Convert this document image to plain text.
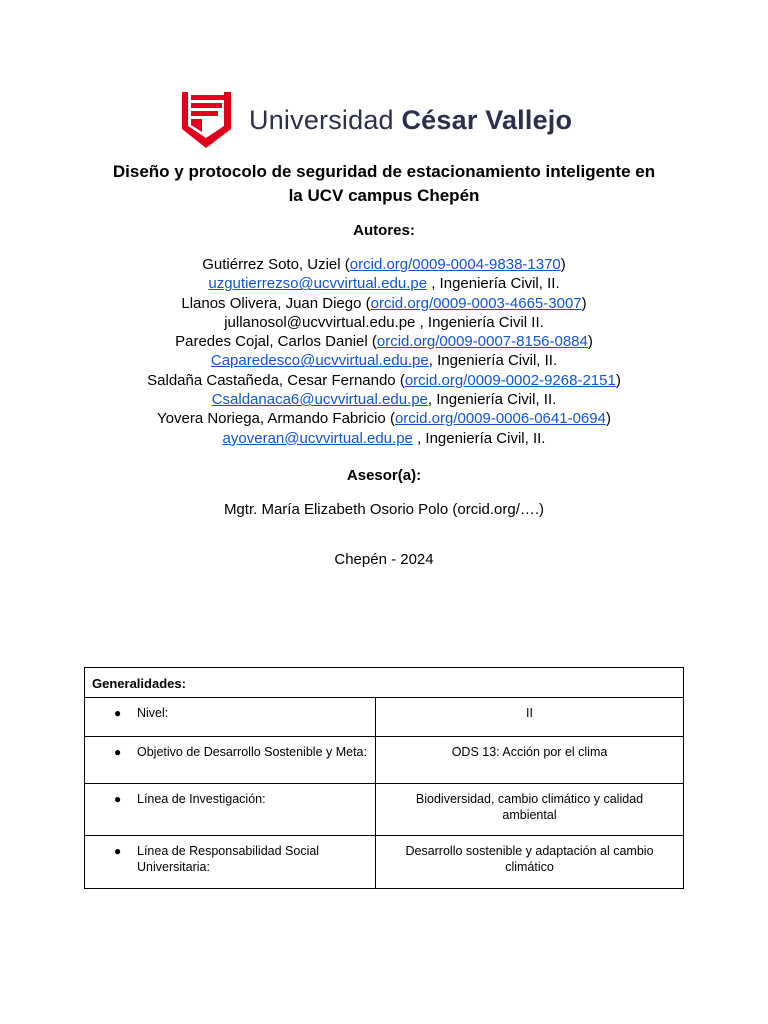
Universidad César Vallejo
Diseño y protocolo de seguridad de estacionamiento inteligente en
la UCV campus Chepén
Autores:
Gutiérrez Soto, Uziel (orcid.org/0009-0004-9838-1370)
uzgutierrezso@ucvvirtual.edu.pe , Ingeniería Civil, II.
Llanos Olivera, Juan Diego (orcid.org/0009-0003-4665-3007)
jullanosol@ucvvirtual.edu.pe , Ingeniería Civil II.
Paredes Cojal, Carlos Daniel (orcid.org/0009-0007-8156-0884)
Caparedesco@ucvvirtual.edu.pe, Ingeniería Civil, II.
Saldaña Castañeda, Cesar Fernando (orcid.org/0009-0002-9268-2151)
Csaldanaca6@ucvvirtual.edu.pe, Ingeniería Civil, II.
Yovera Noriega, Armando Fabricio (orcid.org/0009-0006-0641-0694)
ayoveran@ucvvirtual.edu.pe , Ingeniería Civil, II.
Asesor(a):
Mgtr. María Elizabeth Osorio Polo (orcid.org/….)
Chepén - 2024
Generalidades:	

● Nivel:	II

● Objetivo de Desarrollo Sostenible y Meta:	ODS 13: Acción por el clima

● Línea de Investigación:	Biodiversidad, cambio climático y calidad ambiental

● Línea de Responsabilidad Social Universitaria:	Desarrollo sostenible y adaptación al cambio climático
